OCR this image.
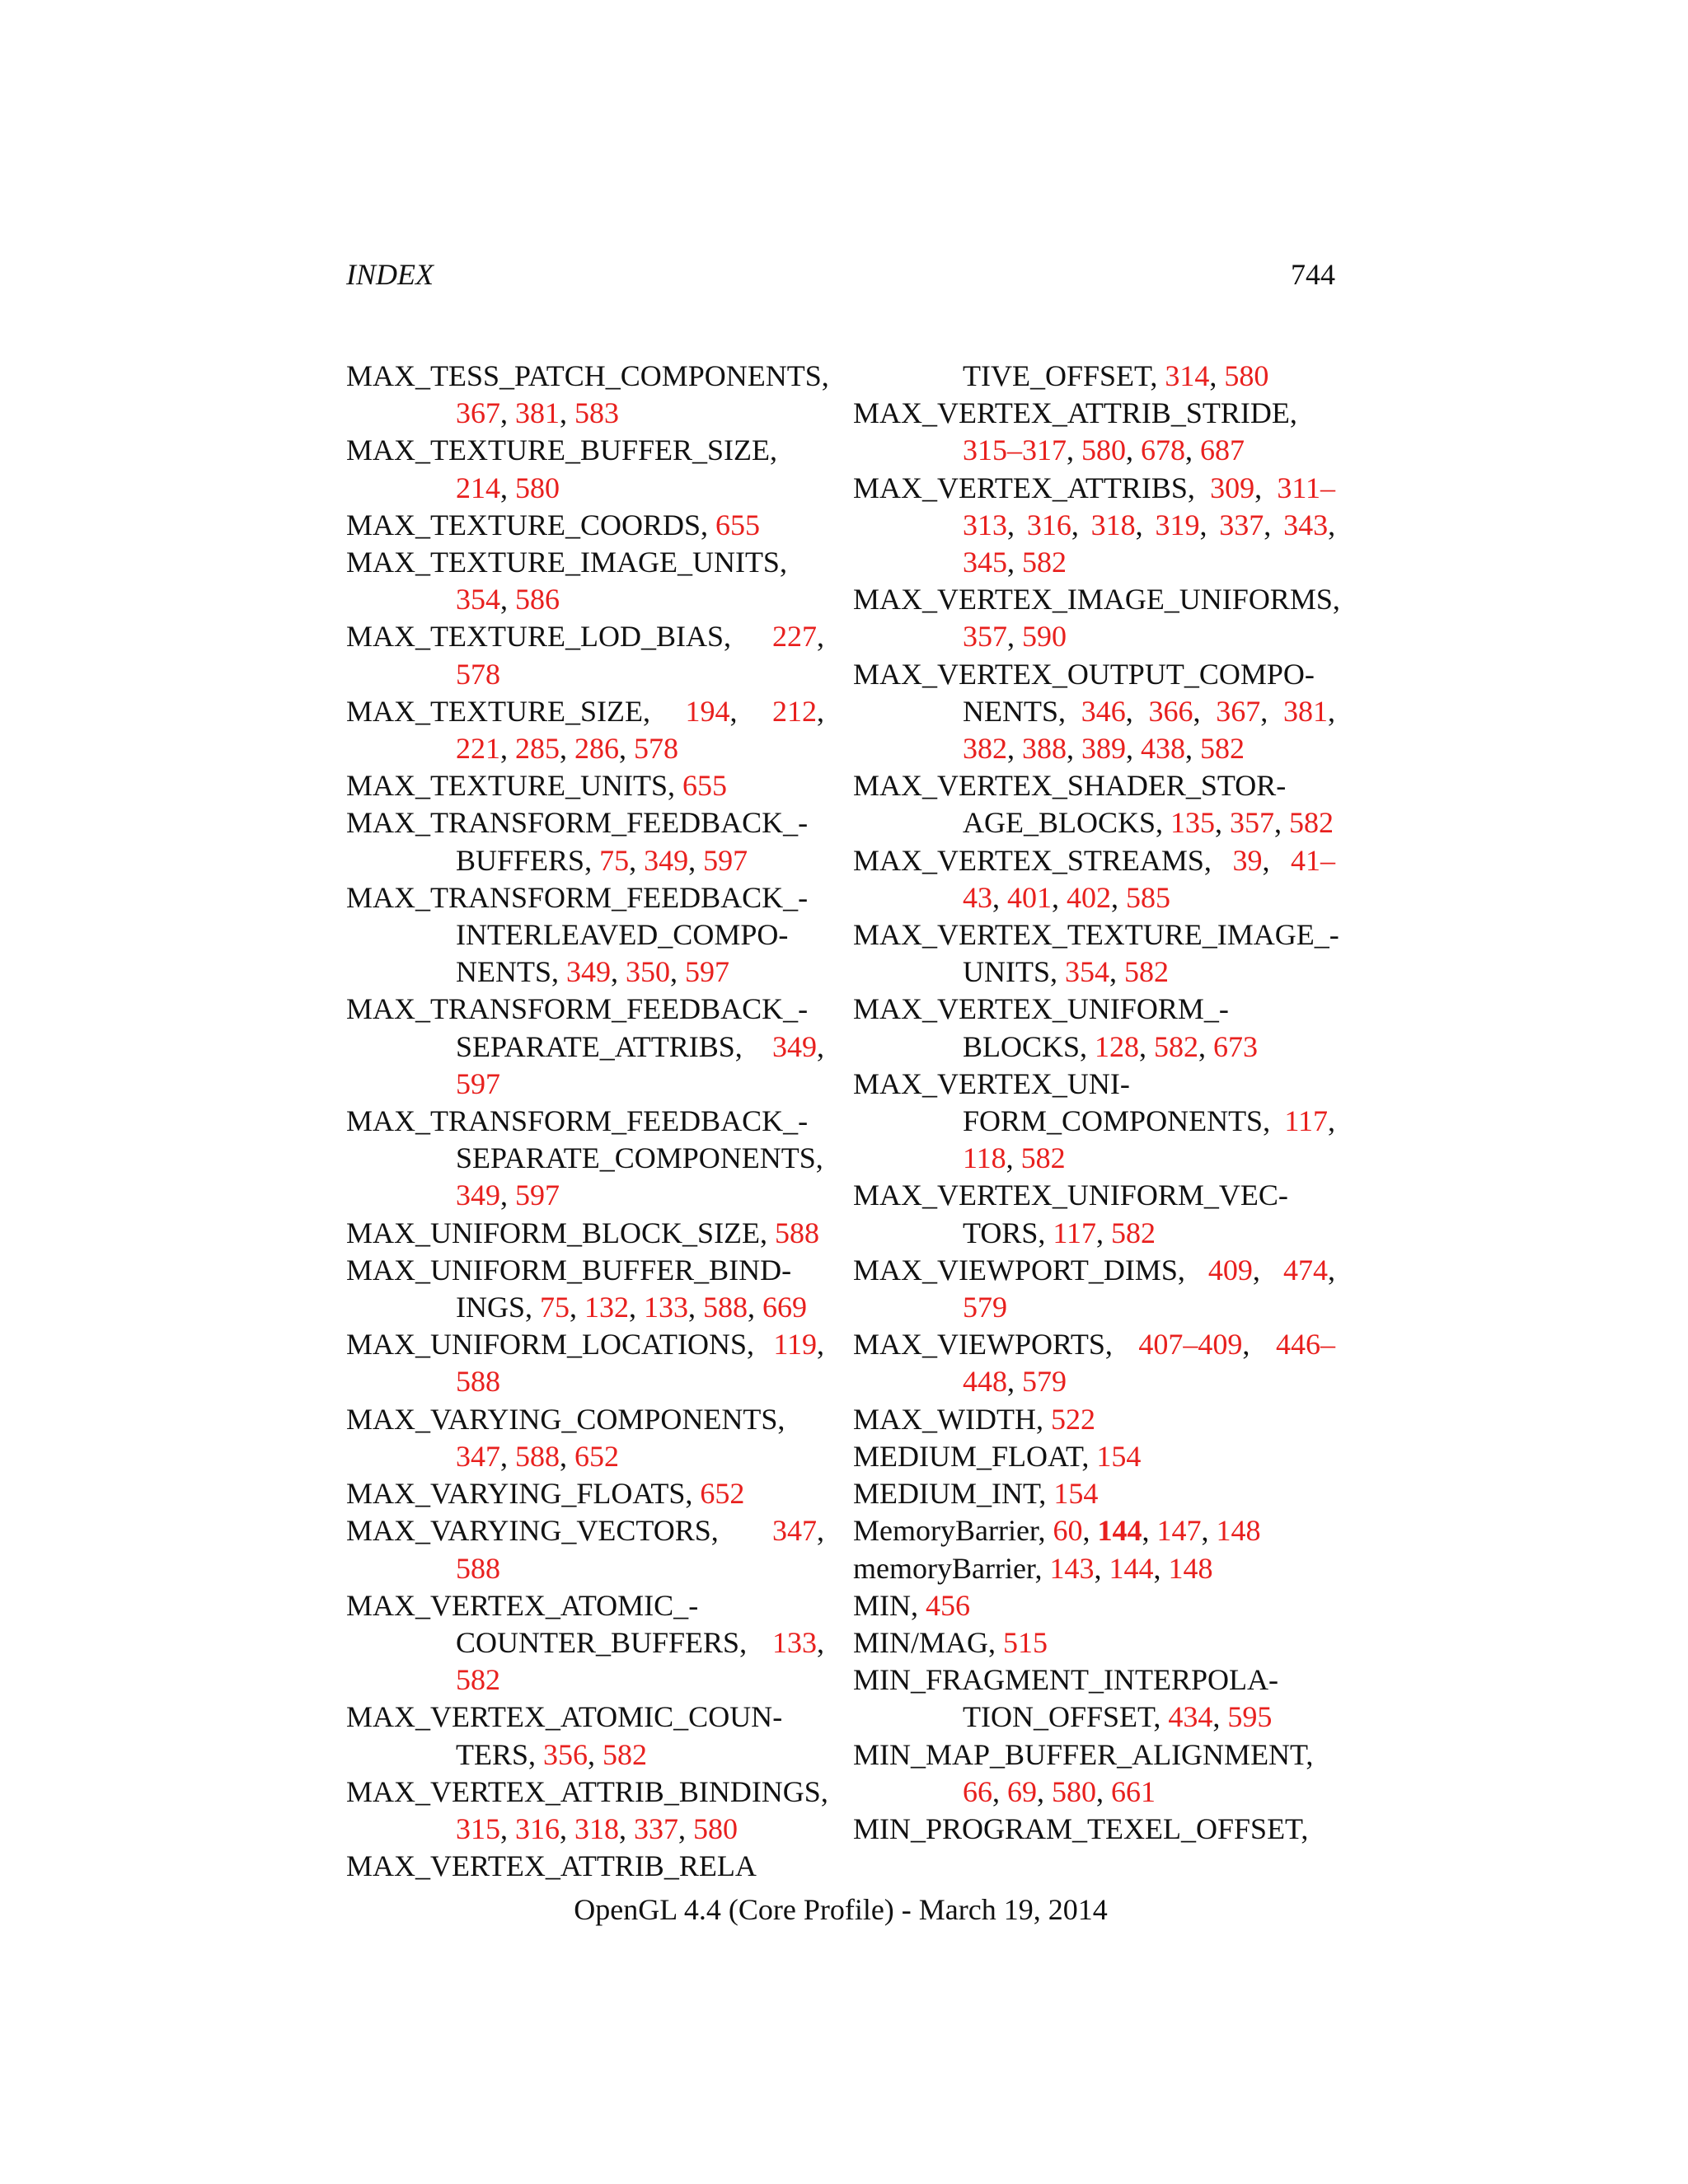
INDEX	744
MAX_TESS_PATCH_COMPONENTS, 367, 381, 583
MAX_TEXTURE_BUFFER_SIZE, 214, 580
MAX_TEXTURE_COORDS, 655
MAX_TEXTURE_IMAGE_UNITS, 354, 586
MAX_TEXTURE_LOD_BIAS, 227, 578
MAX_TEXTURE_SIZE, 194, 212, 221, 285, 286, 578
MAX_TEXTURE_UNITS, 655
MAX_TRANSFORM_FEEDBACK_BUFFERS, 75, 349, 597
MAX_TRANSFORM_FEEDBACK_INTERLEAVED_COMPONENTS, 349, 350, 597
MAX_TRANSFORM_FEEDBACK_SEPARATE_ATTRIBS, 349, 597
MAX_TRANSFORM_FEEDBACK_SEPARATE_COMPONENTS, 349, 597
MAX_UNIFORM_BLOCK_SIZE, 588
MAX_UNIFORM_BUFFER_BINDINGS, 75, 132, 133, 588, 669
MAX_UNIFORM_LOCATIONS, 119, 588
MAX_VARYING_COMPONENTS, 347, 588, 652
MAX_VARYING_FLOATS, 652
MAX_VARYING_VECTORS, 347, 588
MAX_VERTEX_ATOMIC_COUNTER_BUFFERS, 133, 582
MAX_VERTEX_ATOMIC_COUNTERS, 356, 582
MAX_VERTEX_ATTRIB_BINDINGS, 315, 316, 318, 337, 580
MAX_VERTEX_ATTRIB_RELA
TIVE_OFFSET, 314, 580
MAX_VERTEX_ATTRIB_STRIDE, 315–317, 580, 678, 687
MAX_VERTEX_ATTRIBS, 309, 311–313, 316, 318, 319, 337, 343, 345, 582
MAX_VERTEX_IMAGE_UNIFORMS, 357, 590
MAX_VERTEX_OUTPUT_COMPONENTS, 346, 366, 367, 381, 382, 388, 389, 438, 582
MAX_VERTEX_SHADER_STORAGE_BLOCKS, 135, 357, 582
MAX_VERTEX_STREAMS, 39, 41–43, 401, 402, 585
MAX_VERTEX_TEXTURE_IMAGE_UNITS, 354, 582
MAX_VERTEX_UNIFORM_BLOCKS, 128, 582, 673
MAX_VERTEX_UNIFORM_COMPONENTS, 117, 118, 582
MAX_VERTEX_UNIFORM_VECTORS, 117, 582
MAX_VIEWPORT_DIMS, 409, 474, 579
MAX_VIEWPORTS, 407–409, 446–448, 579
MAX_WIDTH, 522
MEDIUM_FLOAT, 154
MEDIUM_INT, 154
MemoryBarrier, 60, 144, 147, 148
memoryBarrier, 143, 144, 148
MIN, 456
MIN/MAG, 515
MIN_FRAGMENT_INTERPOLATION_OFFSET, 434, 595
MIN_MAP_BUFFER_ALIGNMENT, 66, 69, 580, 661
MIN_PROGRAM_TEXEL_OFFSET,
OpenGL 4.4 (Core Profile) - March 19, 2014
